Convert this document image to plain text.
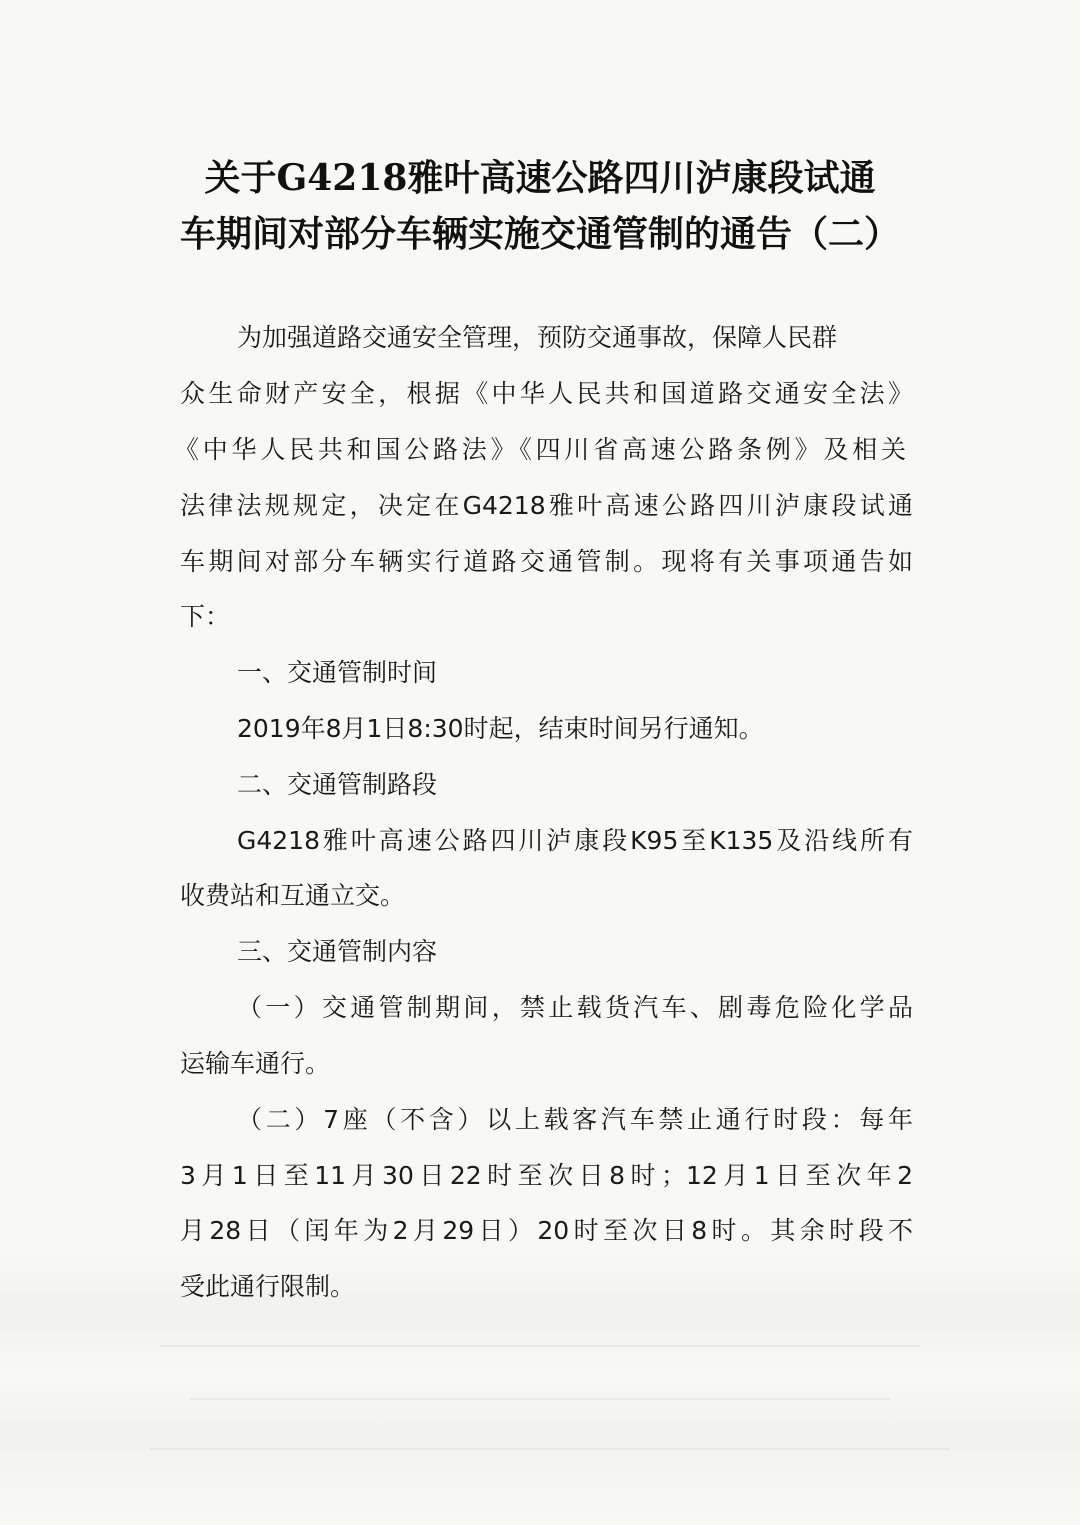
关于G4218雅叶高速公路四川泸康段试通
车期间对部分车辆实施交通管制的通告（二）
为加强道路交通安全管理，预防交通事故，保障人民群
众生命财产安全，根据《中华人民共和国道路交通安全法》
《中华人民共和国公路法》《四川省高速公路条例》及相关
法律法规规定，决定在G4218雅叶高速公路四川泸康段试通
车期间对部分车辆实行道路交通管制。现将有关事项通告如
下：
一、交通管制时间
2019年8月1日8:30时起，结束时间另行通知。
二、交通管制路段
G4218雅叶高速公路四川泸康段K95至K135及沿线所有
收费站和互通立交。
三、交通管制内容
（一）交通管制期间，禁止载货汽车、剧毒危险化学品
运输车通行。
（二）7座（不含）以上载客汽车禁止通行时段：每年
3月1日至11月30日22时至次日8时；12月1日至次年2
月28日（闰年为2月29日）20时至次日8时。其余时段不
受此通行限制。
